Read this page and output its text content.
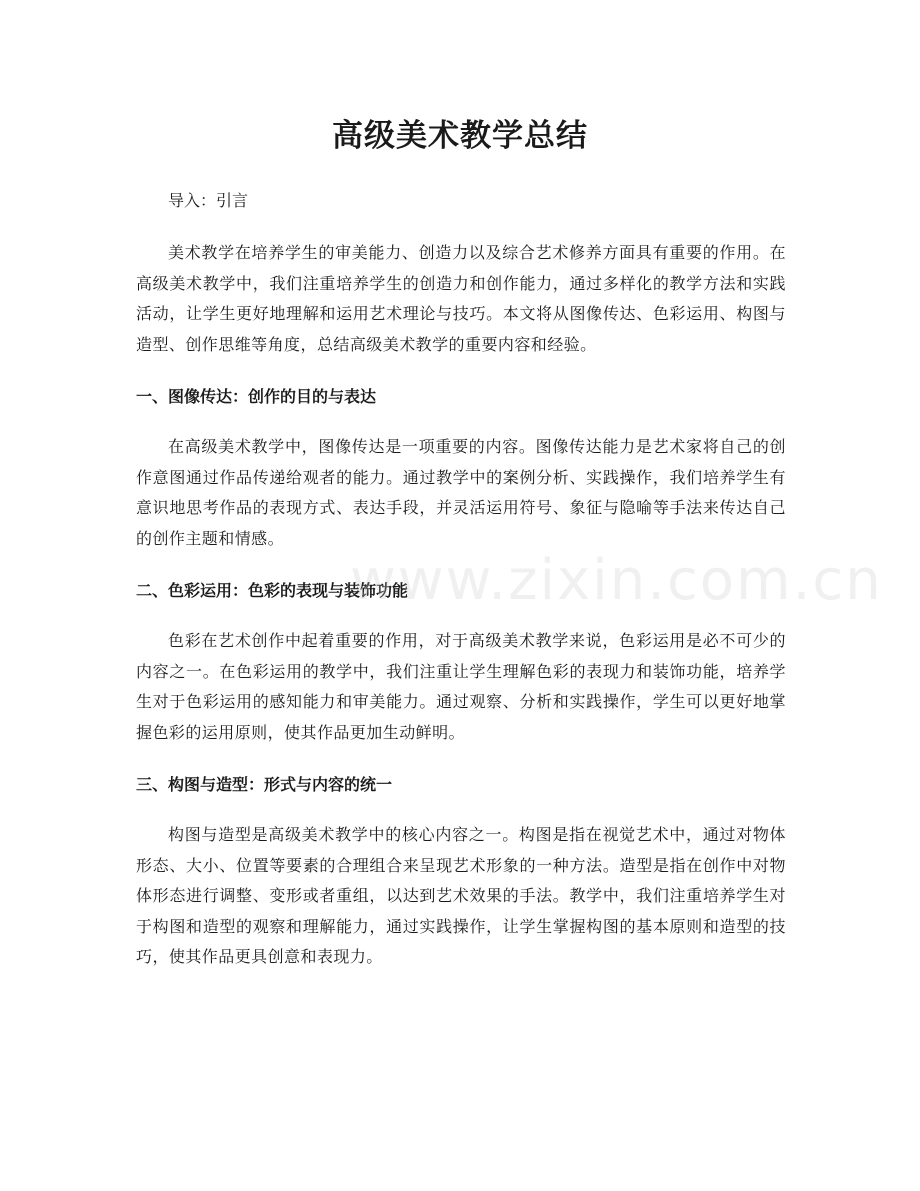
高级美术教学总结

导入：引言

美术教学在培养学生的审美能力、创造力以及综合艺术修养方面具有重要的作用。在高级美术教学中，我们注重培养学生的创造力和创作能力，通过多样化的教学方法和实践活动，让学生更好地理解和运用艺术理论与技巧。本文将从图像传达、色彩运用、构图与造型、创作思维等角度，总结高级美术教学的重要内容和经验。

一、图像传达：创作的目的与表达

在高级美术教学中，图像传达是一项重要的内容。图像传达能力是艺术家将自己的创作意图通过作品传递给观者的能力。通过教学中的案例分析、实践操作，我们培养学生有意识地思考作品的表现方式、表达手段，并灵活运用符号、象征与隐喻等手法来传达自己的创作主题和情感。

二、色彩运用：色彩的表现与装饰功能

色彩在艺术创作中起着重要的作用，对于高级美术教学来说，色彩运用是必不可少的内容之一。在色彩运用的教学中，我们注重让学生理解色彩的表现力和装饰功能，培养学生对于色彩运用的感知能力和审美能力。通过观察、分析和实践操作，学生可以更好地掌握色彩的运用原则，使其作品更加生动鲜明。

三、构图与造型：形式与内容的统一

构图与造型是高级美术教学中的核心内容之一。构图是指在视觉艺术中，通过对物体形态、大小、位置等要素的合理组合来呈现艺术形象的一种方法。造型是指在创作中对物体形态进行调整、变形或者重组，以达到艺术效果的手法。教学中，我们注重培养学生对于构图和造型的观察和理解能力，通过实践操作，让学生掌握构图的基本原则和造型的技巧，使其作品更具创意和表现力。

www.zixin.com.cn
